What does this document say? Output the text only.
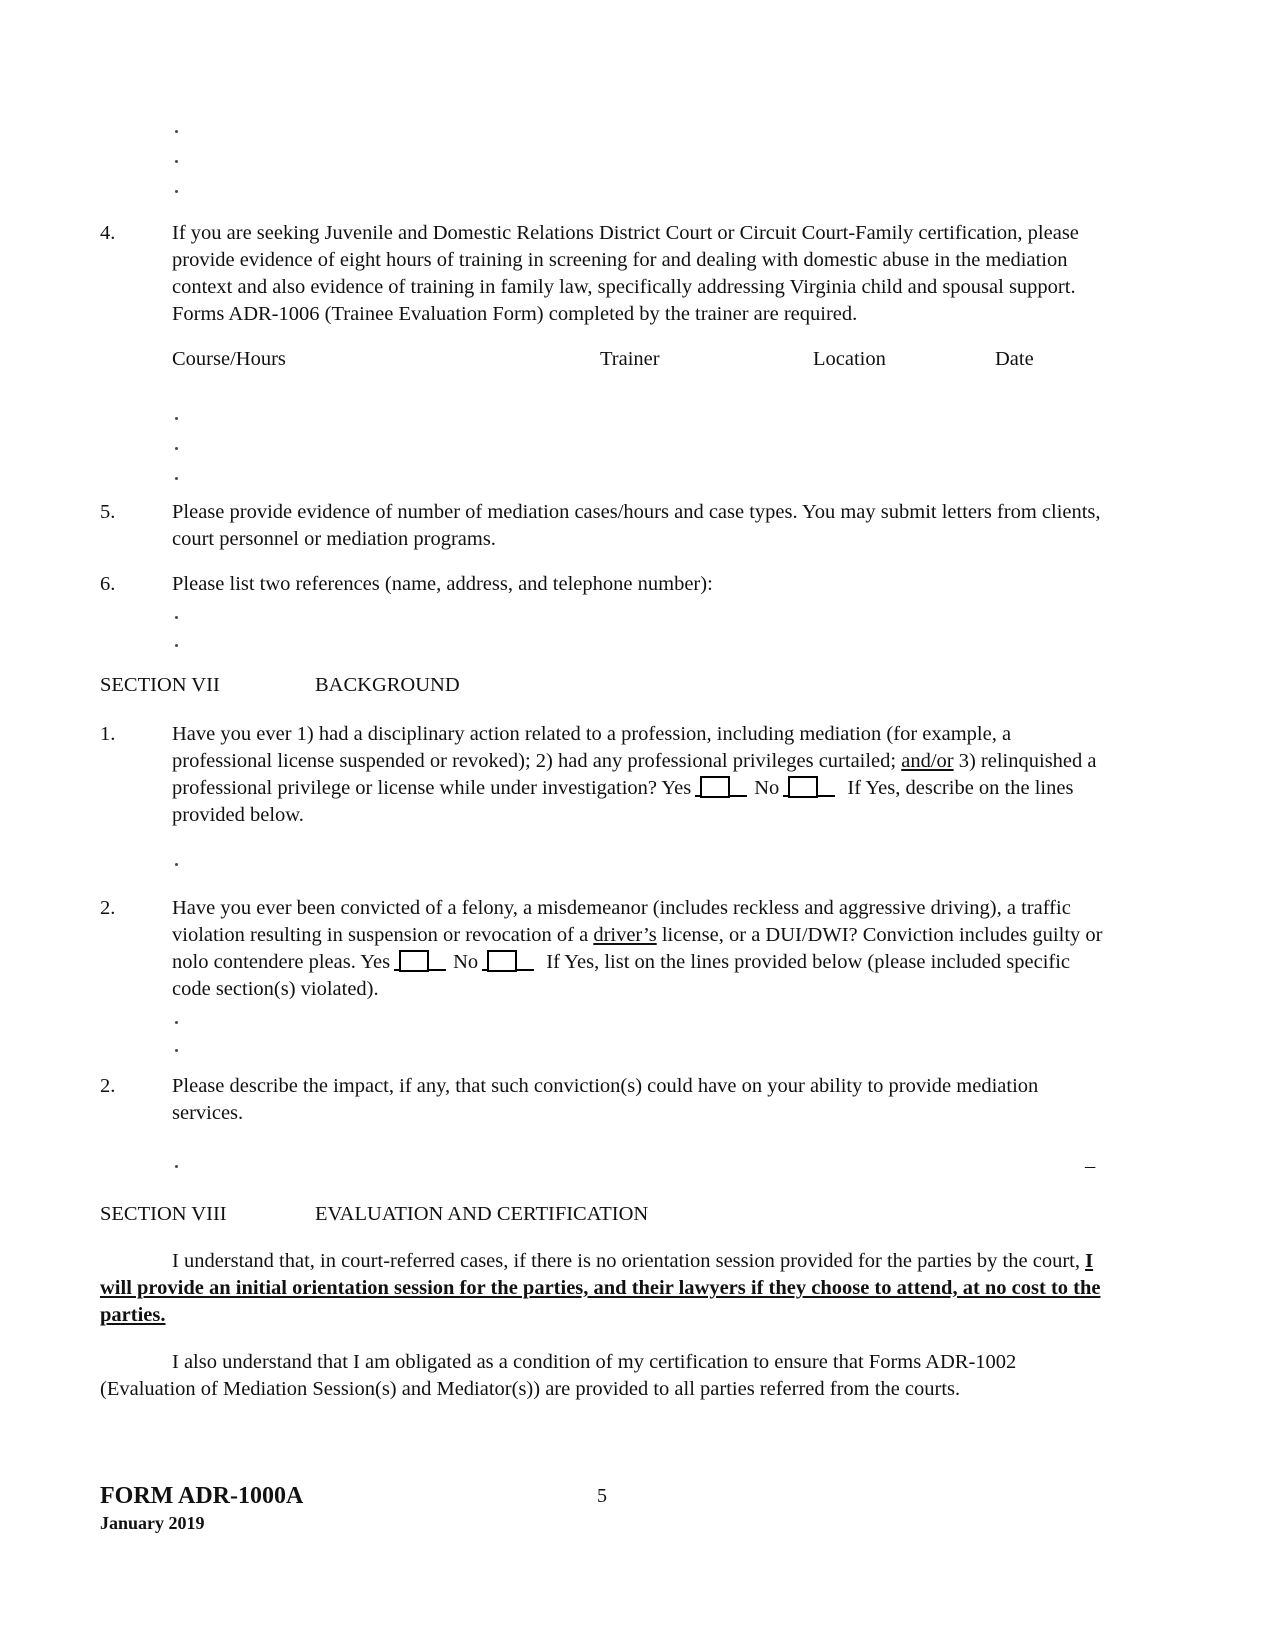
4.	If you are seeking Juvenile and Domestic Relations District Court or Circuit Court-Family certification, please provide evidence of eight hours of training in screening for and dealing with domestic abuse in the mediation context and also evidence of training in family law, specifically addressing Virginia child and spousal support. Forms ADR-1006 (Trainee Evaluation Form) completed by the trainer are required.
Course/Hours	Trainer	Location	Date
5.	Please provide evidence of number of mediation cases/hours and case types. You may submit letters from clients, court personnel or mediation programs.
6.	Please list two references (name, address, and telephone number):
SECTION VII	BACKGROUND
1.	Have you ever 1) had a disciplinary action related to a profession, including mediation (for example, a professional license suspended or revoked); 2) had any professional privileges curtailed; and/or 3) relinquished a professional privilege or license while under investigation? Yes	No	If Yes, describe on the lines provided below.
2.	Have you ever been convicted of a felony, a misdemeanor (includes reckless and aggressive driving), a traffic violation resulting in suspension or revocation of a driver’s license, or a DUI/DWI? Conviction includes guilty or nolo contendere pleas. Yes	No	If Yes, list on the lines provided below (please included specific code section(s) violated).
2.	Please describe the impact, if any, that such conviction(s) could have on your ability to provide mediation services.
–
SECTION VIII	EVALUATION AND CERTIFICATION
I understand that, in court-referred cases, if there is no orientation session provided for the parties by the court, I will provide an initial orientation session for the parties, and their lawyers if they choose to attend, at no cost to the parties.
I also understand that I am obligated as a condition of my certification to ensure that Forms ADR-1002 (Evaluation of Mediation Session(s) and Mediator(s)) are provided to all parties referred from the courts.
FORM ADR-1000A
January 2019
5
